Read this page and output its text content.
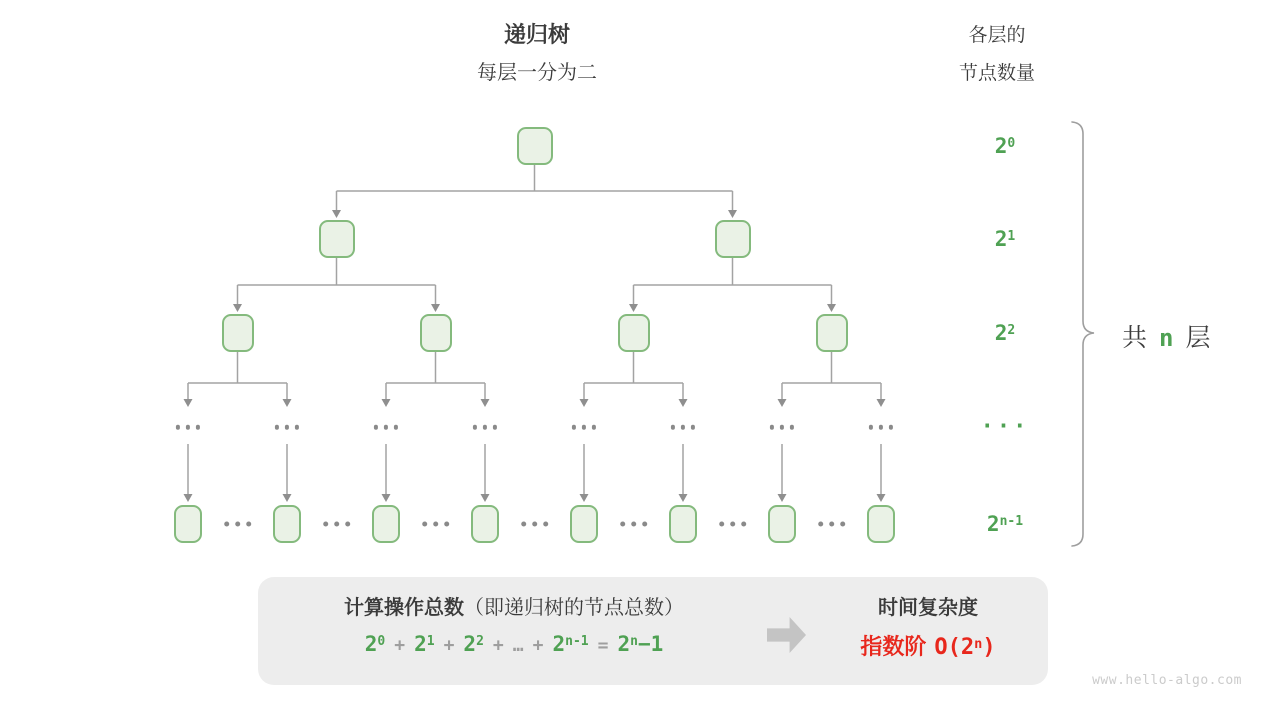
递归树
每层一分为二
各层的
节点数量
$2^0$
$2^1$
$2^2$
···
$2^{n-1}$
共 n 层
计算操作总数（即递归树的节点总数）
$2^0 + 2^1 + 2^2$ + … + $2^{n-1} = 2^n-1$
时间复杂度
指数阶 O(2$^n$)
www.hello-algo.com
